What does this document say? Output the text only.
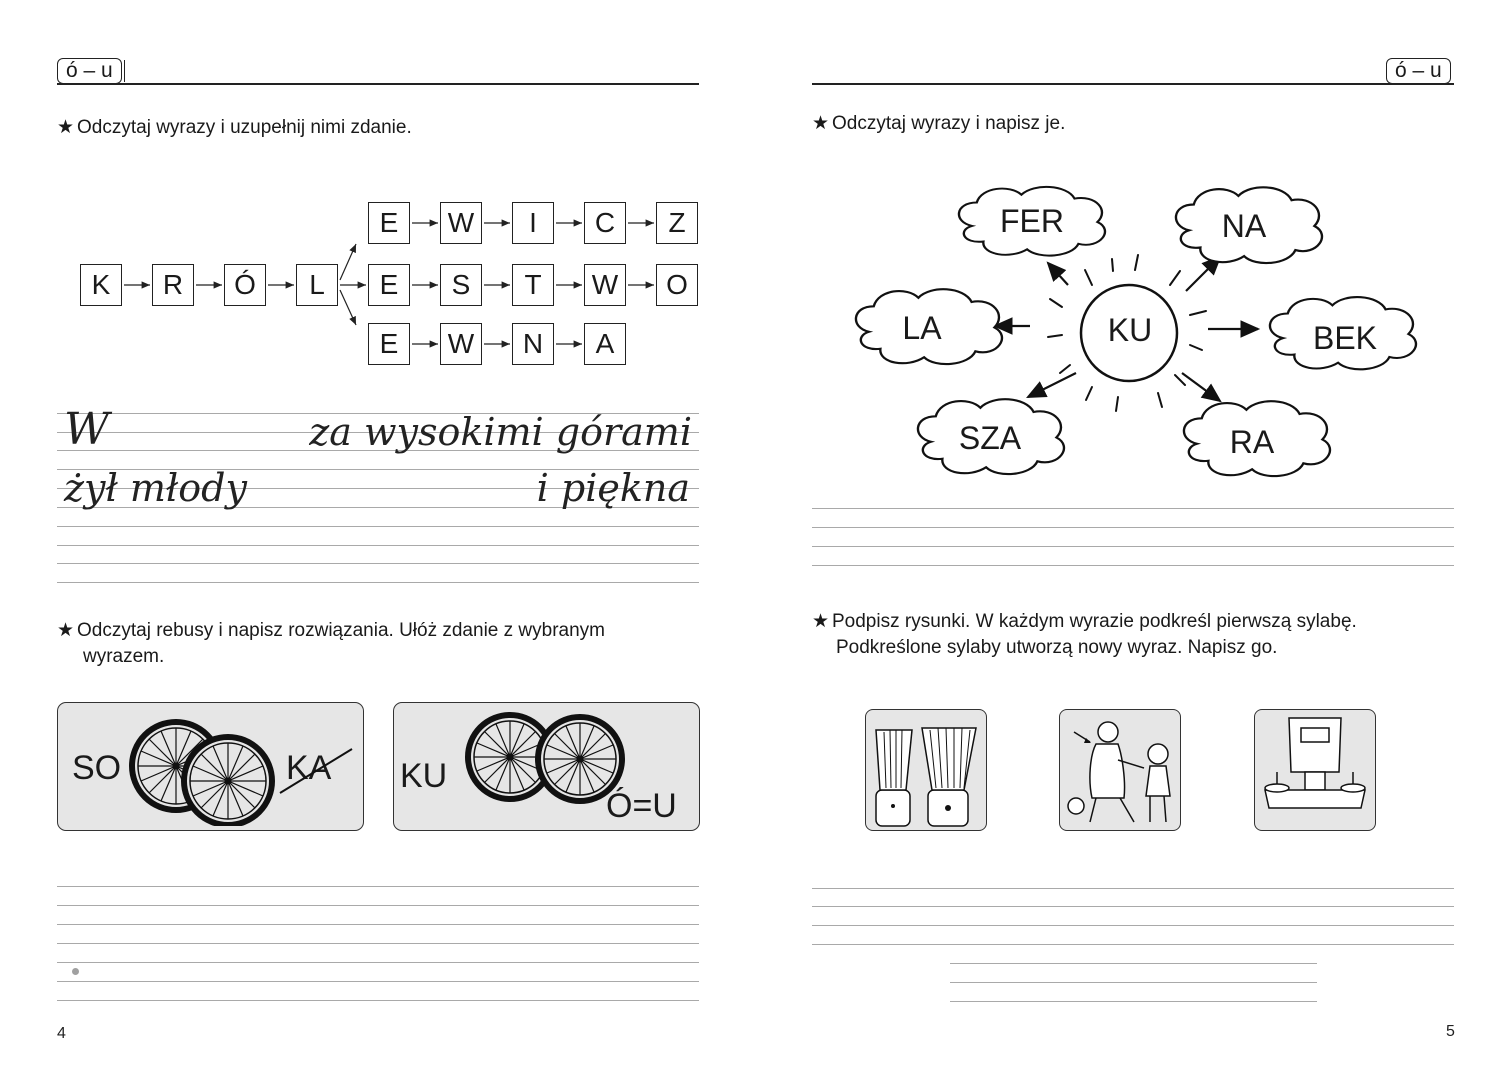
ó – u
★ Odczytaj wyrazy i uzupełnij nimi zdanie.
E	W	I	C	Z
K	R	Ó	L	E	S	T	W	O
E	W	N	A
W	za wysokimi górami
żył młody	i piękna
★ Odczytaj rebusy i napisz rozwiązania. Ułóż zdanie z wybranym
wyrazem.
SO	KA KU
Ó=U
4
ó – u
★ Odczytaj wyrazy i napisz je.
KU
FER	NA
LA	BEK
SZA	RA
★ Podpisz rysunki. W każdym wyrazie podkreśl pierwszą sylabę.
Podkreślone sylaby utworzą nowy wyraz. Napisz go.
5
